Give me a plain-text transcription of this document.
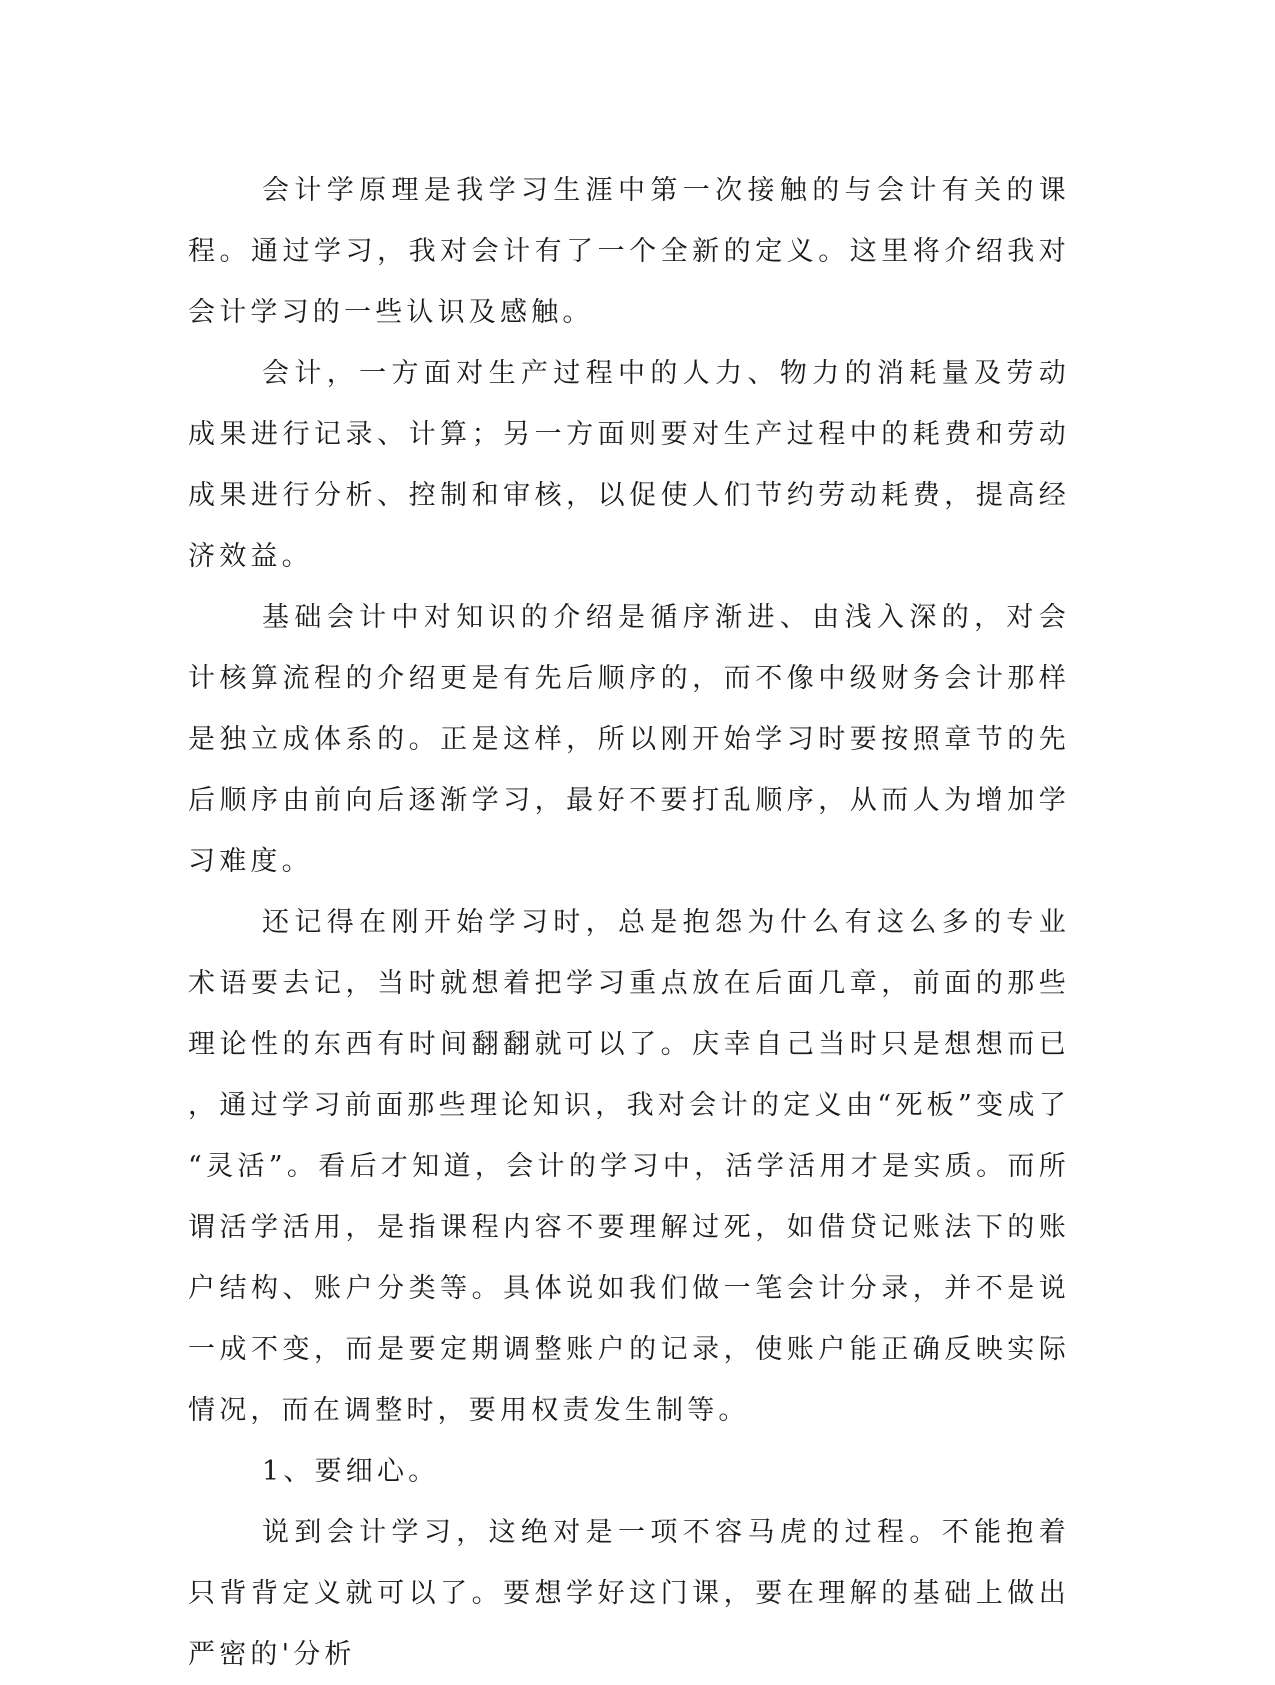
会计学原理是我学习生涯中第一次接触的与会计有关的课程。通过学习，我对会计有了一个全新的定义。这里将介绍我对会计学习的一些认识及感触。

会计，一方面对生产过程中的人力、物力的消耗量及劳动成果进行记录、计算；另一方面则要对生产过程中的耗费和劳动成果进行分析、控制和审核，以促使人们节约劳动耗费，提高经济效益。

基础会计中对知识的介绍是循序渐进、由浅入深的，对会计核算流程的介绍更是有先后顺序的，而不像中级财务会计那样是独立成体系的。正是这样，所以刚开始学习时要按照章节的先后顺序由前向后逐渐学习，最好不要打乱顺序，从而人为增加学习难度。

还记得在刚开始学习时，总是抱怨为什么有这么多的专业术语要去记，当时就想着把学习重点放在后面几章，前面的那些理论性的东西有时间翻翻就可以了。庆幸自己当时只是想想而已，通过学习前面那些理论知识，我对会计的定义由“死板”变成了“灵活”。看后才知道，会计的学习中，活学活用才是实质。而所谓活学活用，是指课程内容不要理解过死，如借贷记账法下的账户结构、账户分类等。具体说如我们做一笔会计分录，并不是说一成不变，而是要定期调整账户的记录，使账户能正确反映实际情况，而在调整时，要用权责发生制等。

1、要细心。

说到会计学习，这绝对是一项不容马虎的过程。不能抱着只背背定义就可以了。要想学好这门课，要在理解的基础上做出严密的'分析
